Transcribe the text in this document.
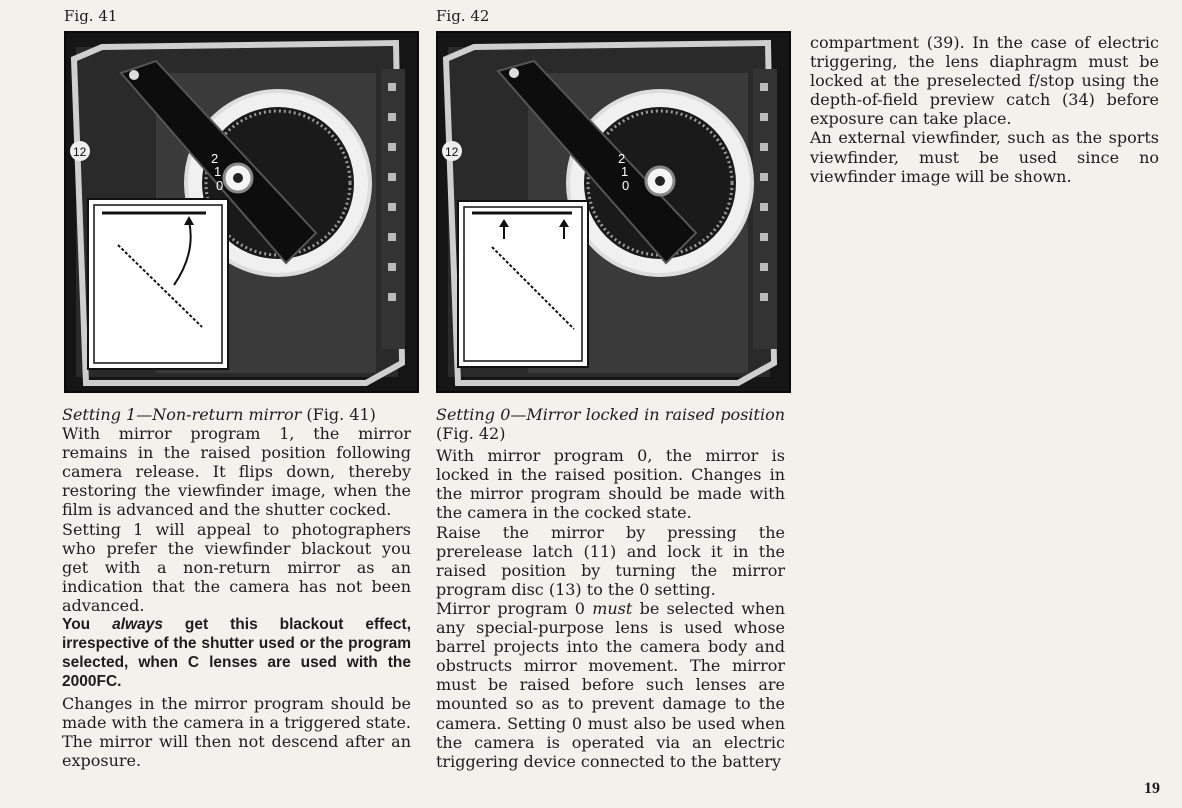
Fig. 41	Fig. 42
2
1
0
12	2
1
0
12

Setting 1—Non-return mirror (Fig. 41)

With mirror program 1, the mirror remains in the raised position following camera release. It flips down, thereby restoring the viewfinder image, when the film is advanced and the shutter cocked.

Setting 1 will appeal to photographers who prefer the viewfinder blackout you get with a non-return mirror as an indication that the camera has not been advanced.

You always get this blackout effect, irrespective of the shutter used or the program selected, when C lenses are used with the 2000FC.

Changes in the mirror program should be made with the camera in a triggered state. The mirror will then not descend after an exposure.

Setting 0—Mirror locked in raised position (Fig. 42)

With mirror program 0, the mirror is locked in the raised position. Changes in the mirror program should be made with the camera in the cocked state.

Raise the mirror by pressing the prerelease latch (11) and lock it in the raised position by turning the mirror program disc (13) to the 0 setting.

Mirror program 0 must be selected when any special-purpose lens is used whose barrel projects into the camera body and obstructs mirror movement. The mirror must be raised before such lenses are mounted so as to prevent damage to the camera. Setting 0 must also be used when the camera is operated via an electric triggering device connected to the battery

compartment (39). In the case of electric triggering, the lens diaphragm must be locked at the preselected f/stop using the depth-of-field preview catch (34) before exposure can take place.

An external viewfinder, such as the sports viewfinder, must be used since no viewfinder image will be shown.

19
